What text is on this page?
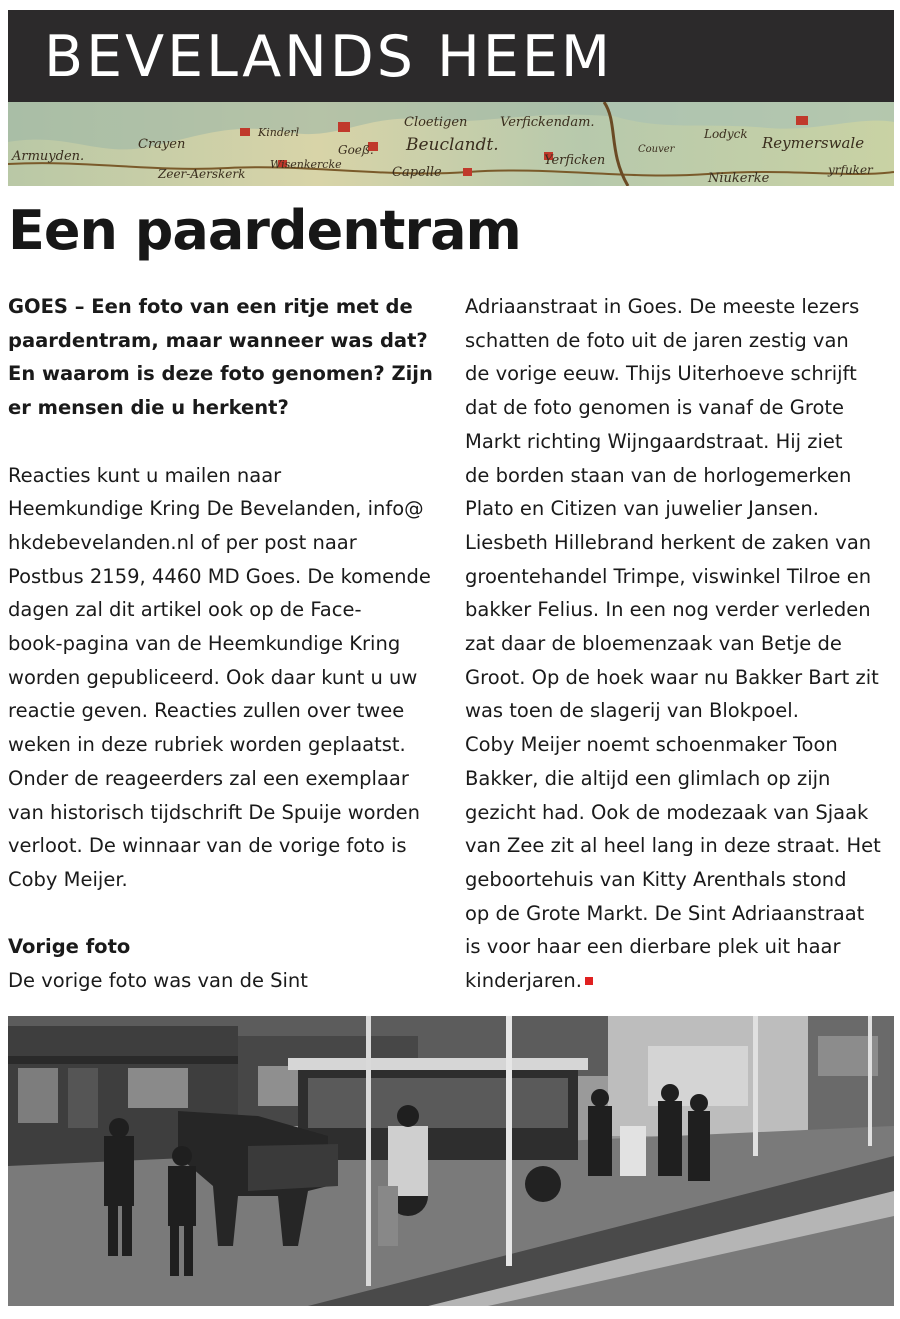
BEVELANDS HEEM
Armuyden.
Crayen
Zeer-Aerskerk
Kinderl
Goeß.
Wisenkercke
Cloetigen
Beuclandt.
Verfickendam.
Capelle
Yerficken
Lodyck Reymerswale
Couver
Niukerke
yrfuker
Een paardentram
GOES – Een foto van een ritje met de
paardentram, maar wanneer was dat?
En waarom is deze foto genomen? Zijn
er mensen die u herkent?
Reacties kunt u mailen naar
Heemkundige Kring De Bevelanden, info@
hkdebevelanden.nl of per post naar
Postbus 2159, 4460 MD Goes. De komende
dagen zal dit artikel ook op de Face-
book-pagina van de Heemkundige Kring
worden gepubliceerd. Ook daar kunt u uw
reactie geven. Reacties zullen over twee
weken in deze rubriek worden geplaatst.
Onder de reageerders zal een exemplaar
van historisch tijdschrift De Spuije worden
verloot. De winnaar van de vorige foto is
Coby Meijer.
Vorige foto
De vorige foto was van de Sint
Adriaanstraat in Goes. De meeste lezers
schatten de foto uit de jaren zestig van
de vorige eeuw. Thijs Uiterhoeve schrijft
dat de foto genomen is vanaf de Grote
Markt richting Wijngaardstraat. Hij ziet
de borden staan van de horlogemerken
Plato en Citizen van juwelier Jansen.
Liesbeth Hillebrand herkent de zaken van
groentehandel Trimpe, viswinkel Tilroe en
bakker Felius. In een nog verder verleden
zat daar de bloemenzaak van Betje de
Groot. Op de hoek waar nu Bakker Bart zit
was toen de slagerij van Blokpoel.
Coby Meijer noemt schoenmaker Toon
Bakker, die altijd een glimlach op zijn
gezicht had. Ook de modezaak van Sjaak
van Zee zit al heel lang in deze straat. Het
geboortehuis van Kitty Arenthals stond
op de Grote Markt. De Sint Adriaanstraat
is voor haar een dierbare plek uit haar
kinderjaren.
